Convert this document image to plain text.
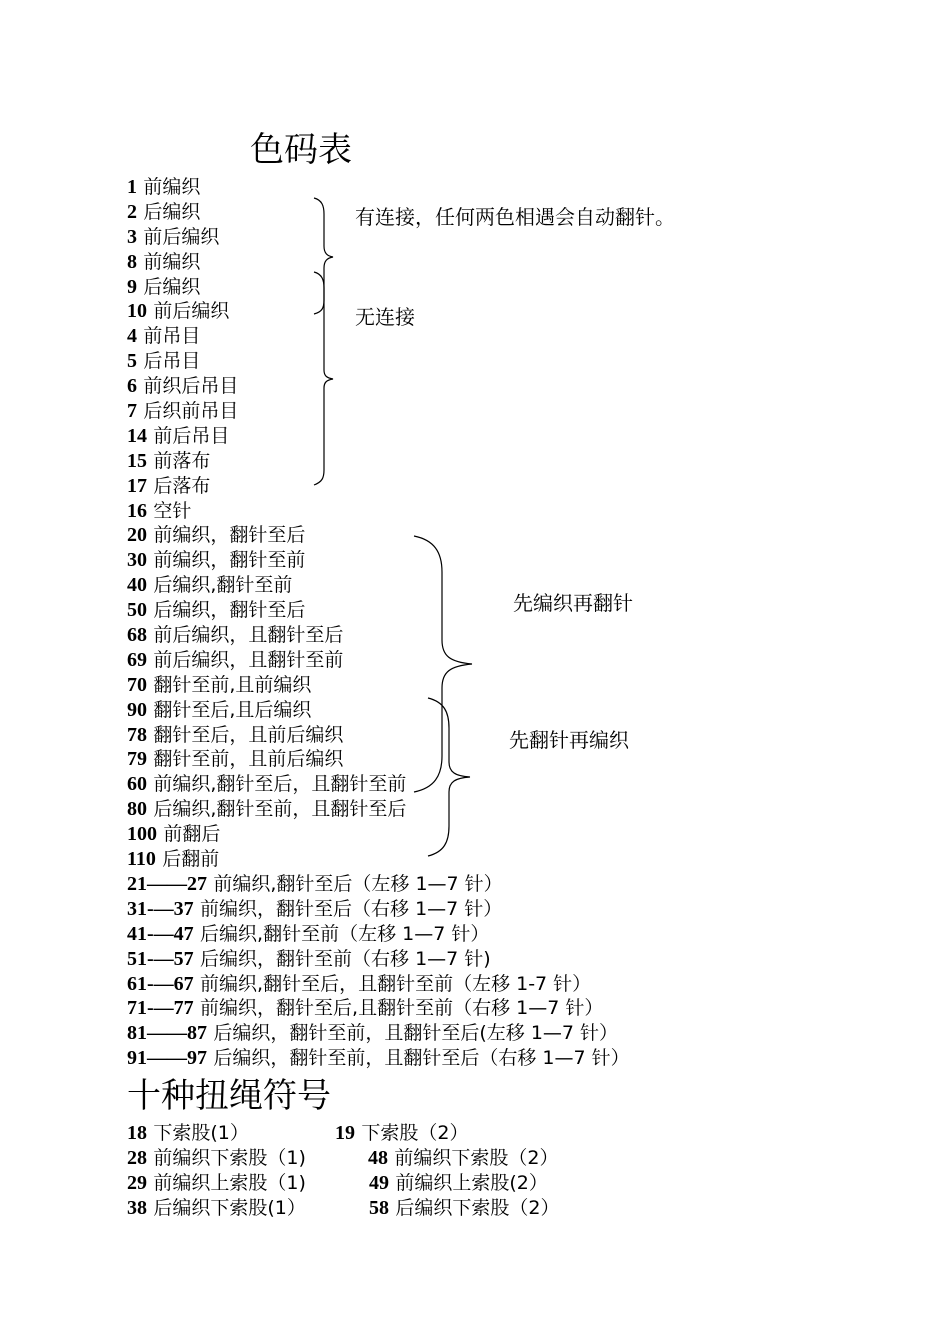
色码表
1 前编织
2 后编织
3 前后编织
8 前编织
9 后编织
10 前后编织
4 前吊目
5 后吊目
6 前织后吊目
7 后织前吊目
14 前后吊目
15 前落布
17 后落布
16 空针
20 前编织，翻针至后
30 前编织，翻针至前
40 后编织,翻针至前
50 后编织，翻针至后
68 前后编织，且翻针至后
69 前后编织，且翻针至前
70 翻针至前,且前编织
90 翻针至后,且后编织
78 翻针至后，且前后编织
79 翻针至前，且前后编织
60 前编织,翻针至后，且翻针至前
80 后编织,翻针至前，且翻针至后
100 前翻后
110 后翻前
21——27 前编织,翻针至后（左移 1—7 针）
31-—37 前编织，翻针至后（右移 1—7 针）
41-—47 后编织,翻针至前（左移 1—7 针）
51-—57 后编织，翻针至前（右移 1—7 针)
61-—67 前编织,翻针至后，且翻针至前（左移 1-7 针）
71-—77 前编织，翻针至后,且翻针至前（右移 1—7 针）
81——87 后编织，翻针至前，且翻针至后(左移 1—7 针）
91——97 后编织，翻针至前，且翻针至后（右移 1—7 针）
有连接，任何两色相遇会自动翻针。
无连接
先编织再翻针
先翻针再编织
十种扭绳符号
18 下索股(1）	19 下索股（2）
28 前编织下索股（1)	48 前编织下索股（2）
29 前编织上索股（1)	49 前编织上索股(2）
38 后编织下索股(1）	58 后编织下索股（2）
